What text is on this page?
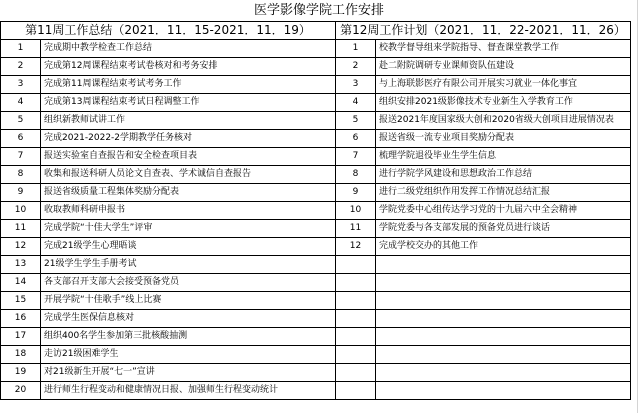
医学影像学院工作安排
第11周工作总结（2021．11．15-2021．11．19）		第12周工作计划（2021．11．22-2021．11．26）	
1	完成期中教学检查工作总结	1	校教学督导组来学院指导、督查课堂教学工作
2	完成第12周课程结束考试卷核对和考务安排	2	赴二附院调研专业课师资队伍建设
3	完成第11周课程结束考试考务工作	3	与上海联影医疗有限公司开展实习就业一体化事宜
4	完成第13周课程结束考试日程调整工作	4	组织安排2021级影像技术专业新生入学教育工作
5	组织新教师试讲工作	5	报送2021年度国家级大创和2020省级大创项目进展情况表
6	完成2021-2022-2学期教学任务核对	6	报送省级一流专业项目奖励分配表
7	报送实验室自查报告和安全检查项目表	7	梳理学院退役毕业生学生信息
8	收集和报送科研人员论文自查表、学术诚信自查报告	8	进行学院学风建设和思想政治工作总结
9	报送省级质量工程集体奖励分配表	9	进行二级党组织作用发挥工作情况总结汇报
10	收取教师科研申报书	10	学院党委中心组传达学习党的十九届六中全会精神
11	完成学院“十佳大学生”评审	11	学院党委与各支部发展的预备党员进行谈话
12	完成21级学生心理晤谈	12	完成学校交办的其他工作
13	21级学生学生手册考试		
14	各支部召开支部大会接受预备党员		
15	开展学院“十佳歌手”线上比赛		
16	完成学生医保信息核对		
17	组织400名学生参加第三批核酸抽测		
18	走访21级困难学生		
19	对21级新生开展“七一”宣讲		
20	进行师生行程变动和健康情况日报、加强师生行程变动统计		
